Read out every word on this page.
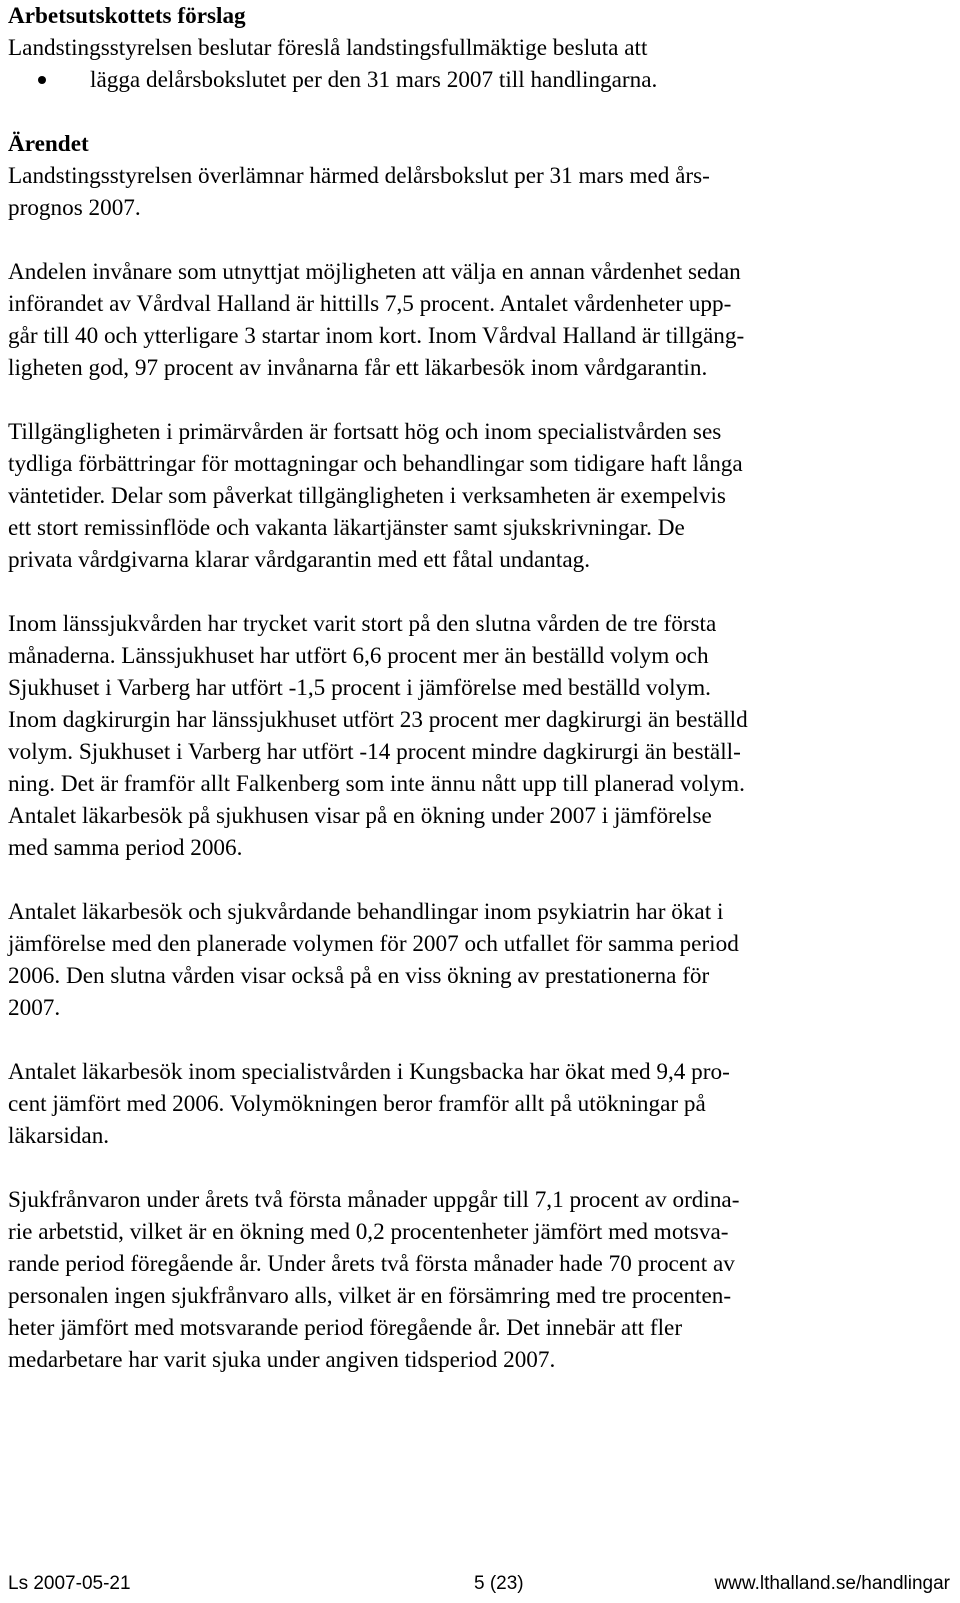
Arbetsutskottets förslag
Landstingsstyrelsen beslutar föreslå landstingsfullmäktige besluta att
lägga delårsbokslutet per den 31 mars 2007 till handlingarna.
Ärendet
Landstingsstyrelsen överlämnar härmed delårsbokslut per 31 mars med års-
prognos 2007.
Andelen invånare som utnyttjat möjligheten att välja en annan vårdenhet sedan
införandet av Vårdval Halland är hittills 7,5 procent. Antalet vårdenheter upp-
går till 40 och ytterligare 3 startar inom kort. Inom Vårdval Halland är tillgäng-
ligheten god, 97 procent av invånarna får ett läkarbesök inom vårdgarantin.
Tillgängligheten i primärvården är fortsatt hög och inom specialistvården ses
tydliga förbättringar för mottagningar och behandlingar som tidigare haft långa
väntetider. Delar som påverkat tillgängligheten i verksamheten är exempelvis
ett stort remissinflöde och vakanta läkartjänster samt sjukskrivningar. De
privata vårdgivarna klarar vårdgarantin med ett fåtal undantag.
Inom länssjukvården har trycket varit stort på den slutna vården de tre första
månaderna. Länssjukhuset har utfört 6,6 procent mer än beställd volym och
Sjukhuset i Varberg har utfört -1,5 procent i jämförelse med beställd volym.
Inom dagkirurgin har länssjukhuset utfört 23 procent mer dagkirurgi än beställd
volym. Sjukhuset i Varberg har utfört -14 procent mindre dagkirurgi än beställ-
ning. Det är framför allt Falkenberg som inte ännu nått upp till planerad volym.
Antalet läkarbesök på sjukhusen visar på en ökning under 2007 i jämförelse
med samma period 2006.
Antalet läkarbesök och sjukvårdande behandlingar inom psykiatrin har ökat i
jämförelse med den planerade volymen för 2007 och utfallet för samma period
2006. Den slutna vården visar också på en viss ökning av prestationerna för
2007.
Antalet läkarbesök inom specialistvården i Kungsbacka har ökat med 9,4 pro-
cent jämfört med 2006. Volymökningen beror framför allt på utökningar på
läkarsidan.
Sjukfrånvaron under årets två första månader uppgår till 7,1 procent av ordina-
rie arbetstid, vilket är en ökning med 0,2 procentenheter jämfört med motsva-
rande period föregående år. Under årets två första månader hade 70 procent av
personalen ingen sjukfrånvaro alls, vilket är en försämring med tre procenten-
heter jämfört med motsvarande period föregående år. Det innebär att fler
medarbetare har varit sjuka under angiven tidsperiod 2007.
Ls 2007-05-21	5 (23)	www.lthalland.se/handlingar
